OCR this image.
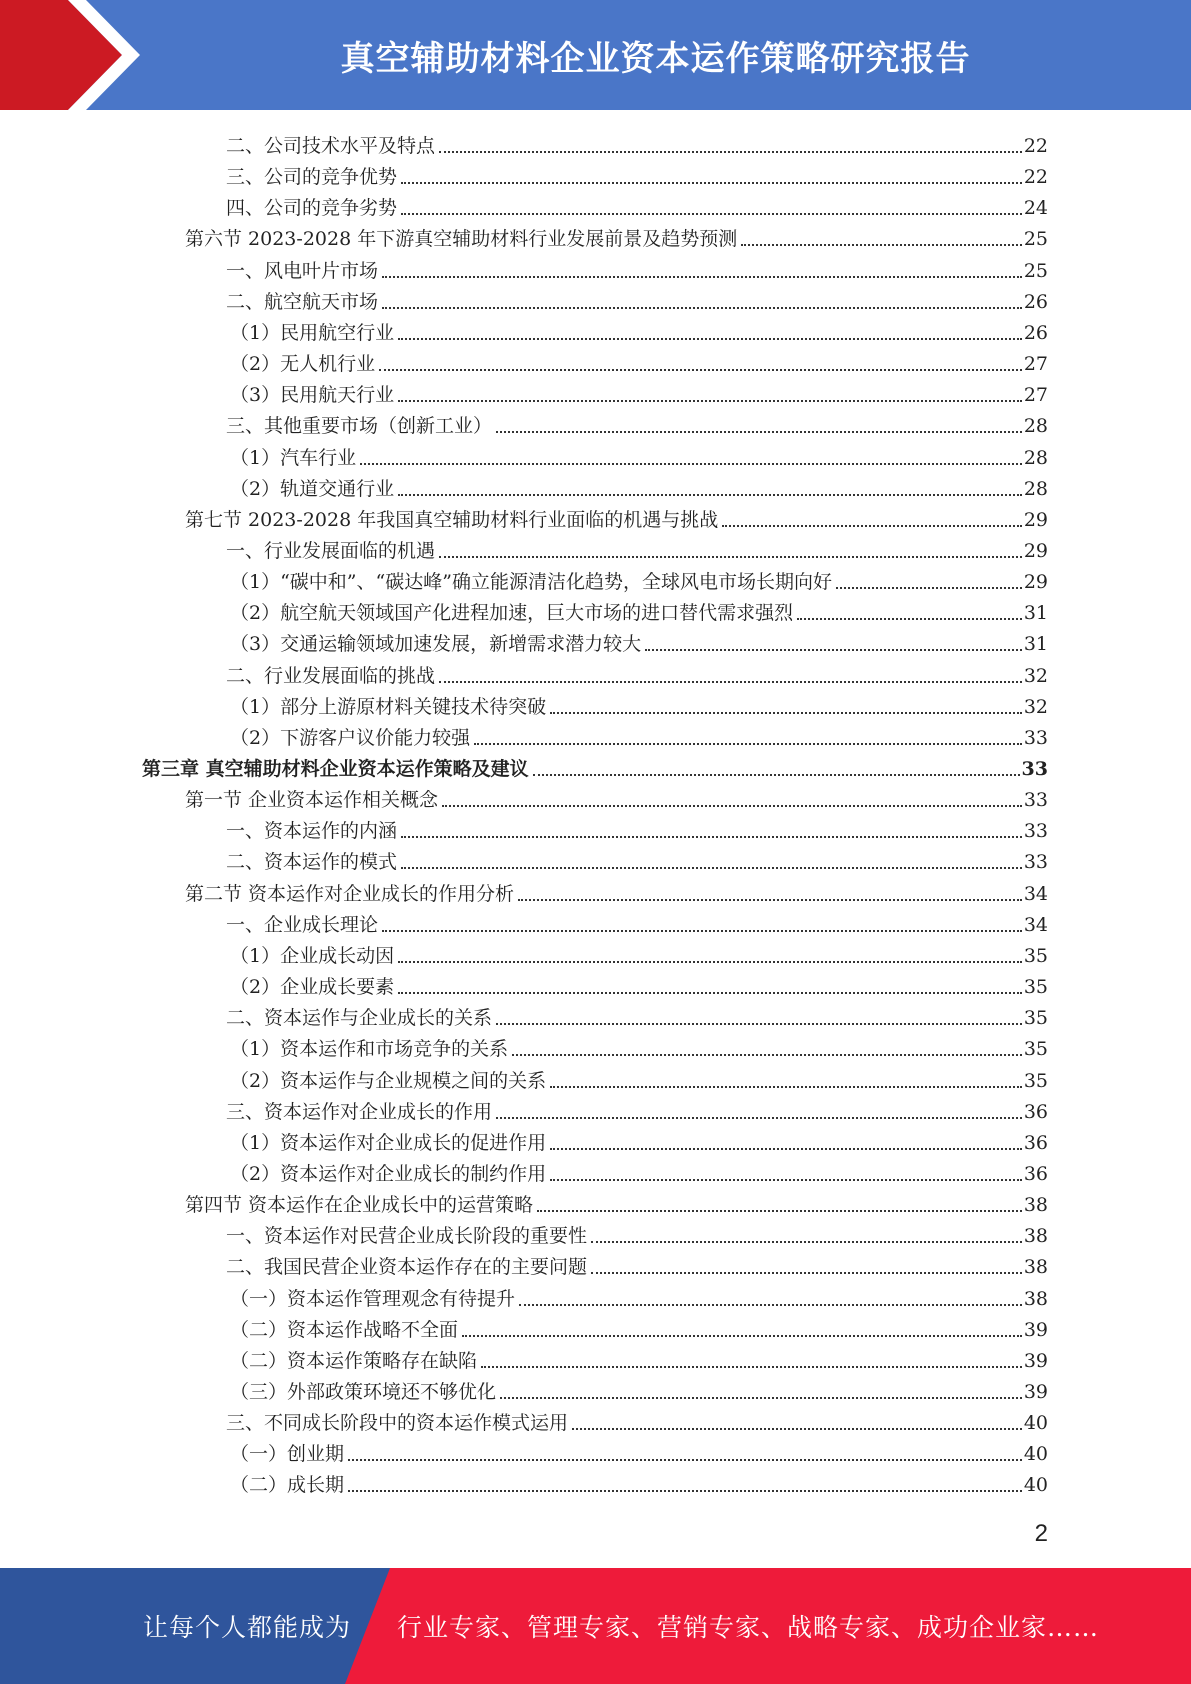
真空辅助材料企业资本运作策略研究报告
二、公司技术水平及特点	22
三、公司的竞争优势	22
四、公司的竞争劣势	24
第六节 2023-2028 年下游真空辅助材料行业发展前景及趋势预测	25
一、风电叶片市场	25
二、航空航天市场	26
（1）民用航空行业	26
（2）无人机行业	27
（3）民用航天行业	27
三、其他重要市场（创新工业）	28
（1）汽车行业	28
（2）轨道交通行业	28
第七节 2023-2028 年我国真空辅助材料行业面临的机遇与挑战	29
一、行业发展面临的机遇	29
（1）“碳中和”、“碳达峰”确立能源清洁化趋势，全球风电市场长期向好	29
（2）航空航天领域国产化进程加速，巨大市场的进口替代需求强烈	31
（3）交通运输领域加速发展，新增需求潜力较大	31
二、行业发展面临的挑战	32
（1）部分上游原材料关键技术待突破	32
（2）下游客户议价能力较强	33
第三章 真空辅助材料企业资本运作策略及建议	33
第一节 企业资本运作相关概念	33
一、资本运作的内涵	33
二、资本运作的模式	33
第二节 资本运作对企业成长的作用分析	34
一、企业成长理论	34
（1）企业成长动因	35
（2）企业成长要素	35
二、资本运作与企业成长的关系	35
（1）资本运作和市场竞争的关系	35
（2）资本运作与企业规模之间的关系	35
三、资本运作对企业成长的作用	36
（1）资本运作对企业成长的促进作用	36
（2）资本运作对企业成长的制约作用	36
第四节 资本运作在企业成长中的运营策略	38
一、资本运作对民营企业成长阶段的重要性	38
二、我国民营企业资本运作存在的主要问题	38
（一）资本运作管理观念有待提升	38
（二）资本运作战略不全面	39
（二）资本运作策略存在缺陷	39
（三）外部政策环境还不够优化	39
三、不同成长阶段中的资本运作模式运用	40
（一）创业期	40
（二）成长期	40
2
让每个人都能成为 行业专家、管理专家、营销专家、战略专家、成功企业家……
